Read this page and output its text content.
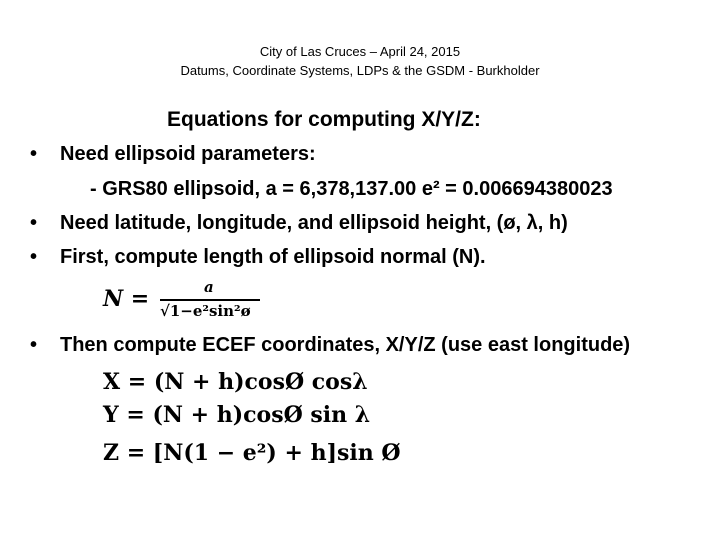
City of Las Cruces – April 24, 2015
Datums, Coordinate Systems, LDPs & the GSDM - Burkholder
Equations for computing X/Y/Z:
• Need ellipsoid parameters:
- GRS80 ellipsoid, a = 6,378,137.00 e² = 0.006694380023
• Need latitude, longitude, and ellipsoid height, (ø, λ, h)
• First, compute length of ellipsoid normal (N).
N =	a
√1−e²sin²ø
• Then compute ECEF coordinates, X/Y/Z (use east longitude)
X = (N + h)cosØ cosλ
Y = (N + h)cosØ sin λ
Z = [N(1 − e²) + h]sin Ø
